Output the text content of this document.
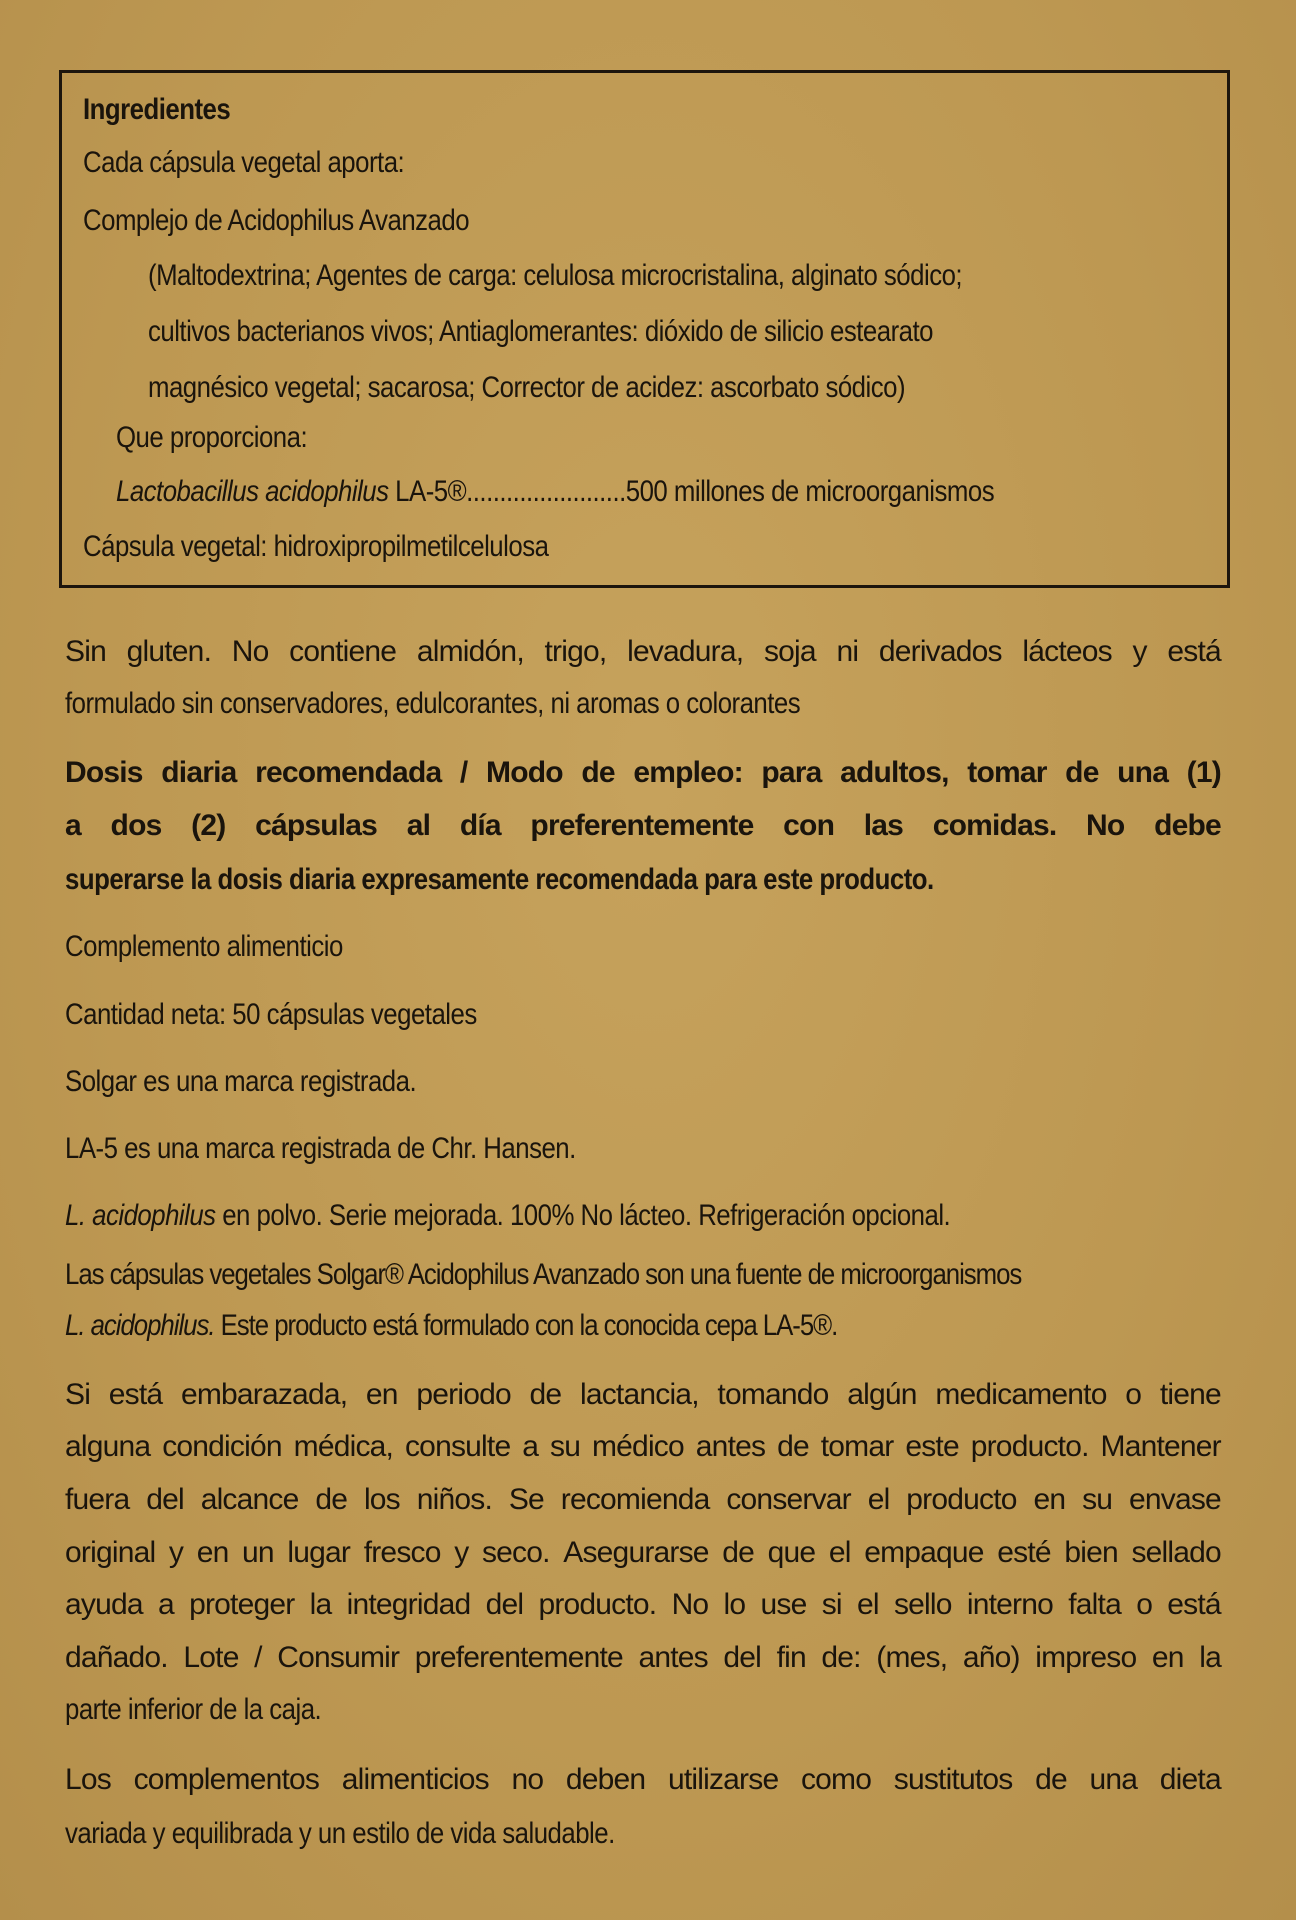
Ingredientes
Cada cápsula vegetal aporta:
Complejo de Acidophilus Avanzado
(Maltodextrina; Agentes de carga: celulosa microcristalina, alginato sódico;
cultivos bacterianos vivos; Antiaglomerantes: dióxido de silicio estearato
magnésico vegetal; sacarosa; Corrector de acidez: ascorbato sódico)
Que proporciona:
Lactobacillus acidophilus LA-5®........................500 millones de microorganismos
Cápsula vegetal: hidroxipropilmetilcelulosa
Sin gluten. No contiene almidón, trigo, levadura, soja ni derivados lácteos y está
formulado sin conservadores, edulcorantes, ni aromas o colorantes
Dosis diaria recomendada / Modo de empleo: para adultos, tomar de una (1)
a dos (2) cápsulas al día preferentemente con las comidas. No debe
superarse la dosis diaria expresamente recomendada para este producto.
Complemento alimenticio
Cantidad neta: 50 cápsulas vegetales
Solgar es una marca registrada.
LA-5 es una marca registrada de Chr. Hansen.
L. acidophilus en polvo. Serie mejorada. 100% No lácteo. Refrigeración opcional.
Las cápsulas vegetales Solgar® Acidophilus Avanzado son una fuente de microorganismos
L. acidophilus. Este producto está formulado con la conocida cepa LA-5®.
Si está embarazada, en periodo de lactancia, tomando algún medicamento o tiene
alguna condición médica, consulte a su médico antes de tomar este producto. Mantener
fuera del alcance de los niños. Se recomienda conservar el producto en su envase
original y en un lugar fresco y seco. Asegurarse de que el empaque esté bien sellado
ayuda a proteger la integridad del producto. No lo use si el sello interno falta o está
dañado. Lote / Consumir preferentemente antes del fin de: (mes, año) impreso en la
parte inferior de la caja.
Los complementos alimenticios no deben utilizarse como sustitutos de una dieta
variada y equilibrada y un estilo de vida saludable.
